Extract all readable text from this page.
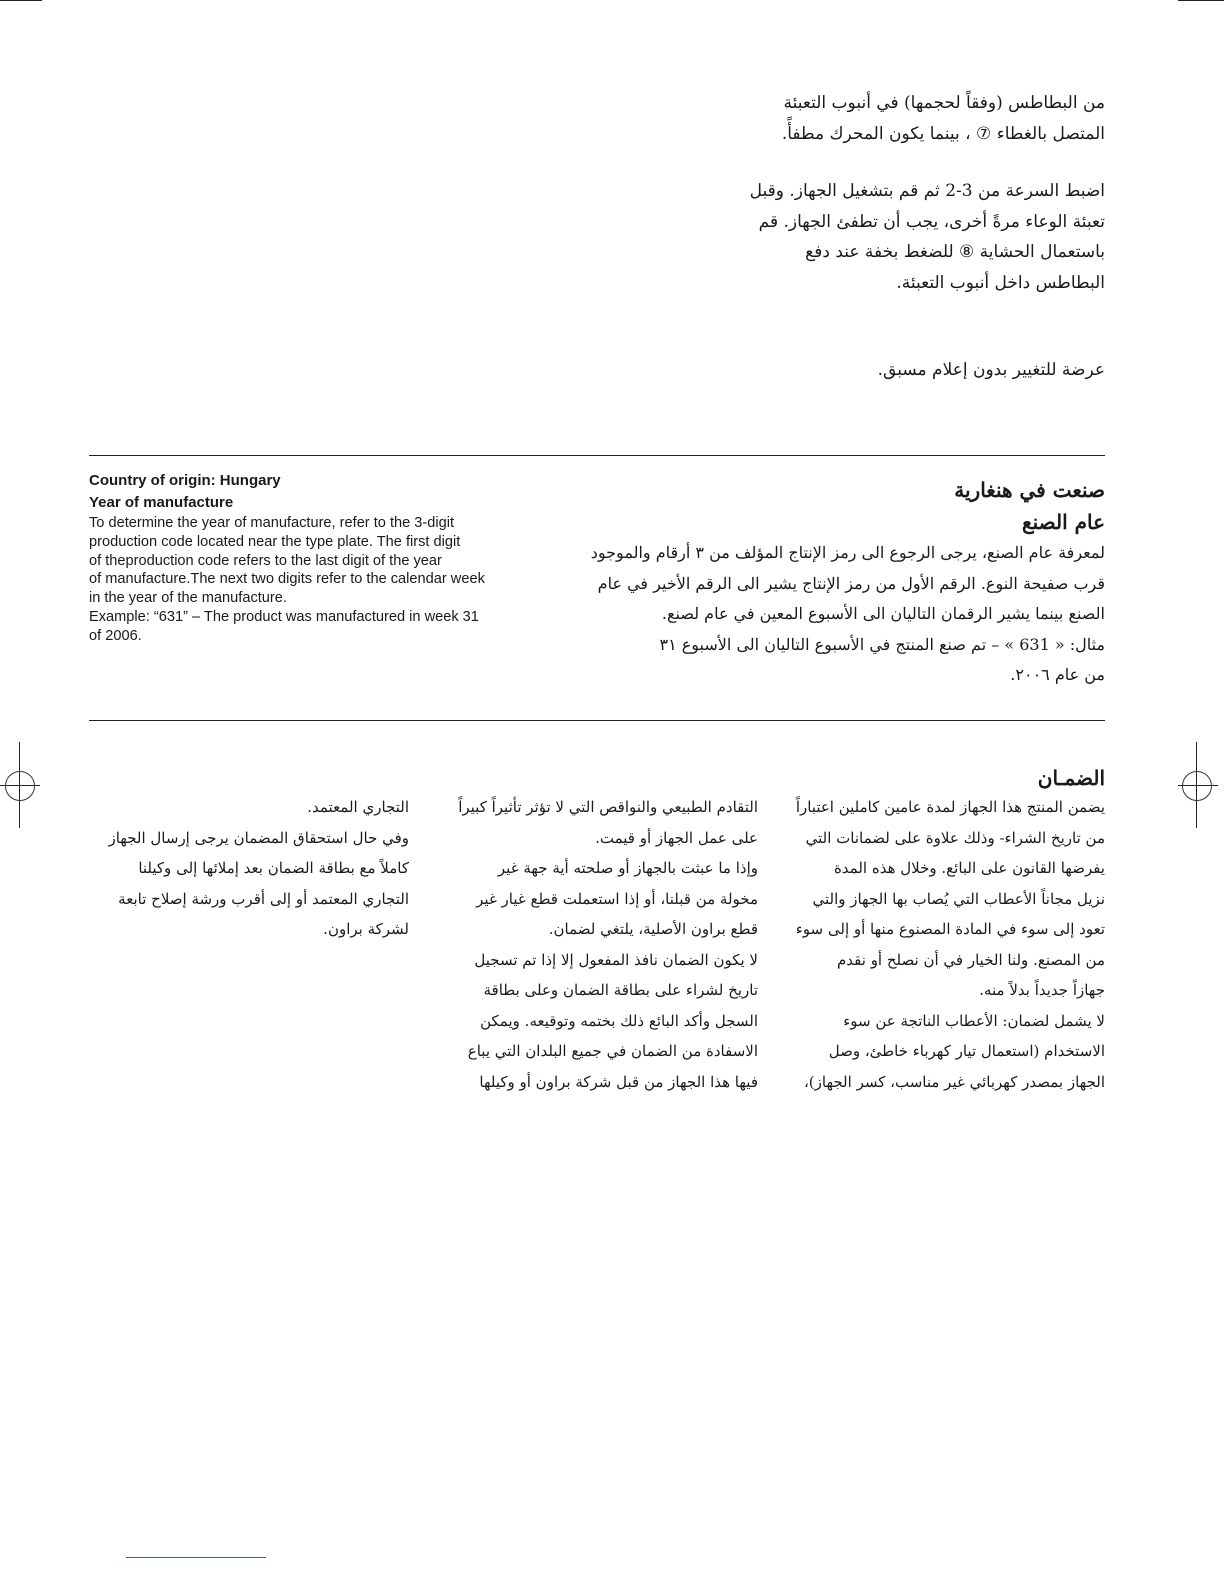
من البطاطس (وفقاً لحجمها) في أنبوب التعبئة
المتصل بالغطاء ⑦ ، بينما يكون المحرك مطفأً.
اضبط السرعة من 3-2 ثم قم بتشغيل الجهاز. وقبل
تعبئة الوعاء مرةً أخرى، يجب أن تطفئ الجهاز. قم
باستعمال الحشاية ⑧ للضغط بخفة عند دفع
البطاطس داخل أنبوب التعبئة.
عرضة للتغيير بدون إعلام مسبق.
Country of origin: Hungary
Year of manufacture
To determine the year of manufacture, refer to the 3-digit
production code located near the type plate. The first digit
of theproduction code refers to the last digit of the year
of manufacture.The next two digits refer to the calendar week
in the year of the manufacture.
Example: “631” – The product was manufactured in week 31
of 2006.
صنعت في هنغارية
عام الصنع
لمعرفة عام الصنع، يرجى الرجوع الى رمز الإنتاج المؤلف من ٣ أرقام والموجود
قرب صفيحة النوع. الرقم الأول من رمز الإنتاج يشير الى الرقم الأخير في عام
الصنع بينما يشير الرقمان التاليان الى الأسبوع المعين في عام لصنع.
مثال: « 631 » – تم صنع المنتج في الأسبوع التاليان الى الأسبوع ٣١
من عام ٢٠٠٦.
الضمـان
يضمن المنتج هذا الجهاز لمدة عامين كاملين اعتباراً
من تاريخ الشراء- وذلك علاوة على لضمانات التي
يفرضها القانون على البائع. وخلال هذه المدة
نزيل مجاناً الأعطاب التي يُصاب بها الجهاز والتي
تعود إلى سوء في المادة المصنوع منها أو إلى سوء
من المصنع. ولنا الخيار في أن نصلح أو نقدم
جهازاً جديداً بدلاً منه.
لا يشمل لضمان: الأعطاب الناتجة عن سوء
الاستخدام (استعمال تيار كهرباء خاطئ، وصل
الجهاز بمصدر كهربائي غير مناسب، كسر الجهاز)،
التقادم الطبيعي والنواقص التي لا تؤثر تأثيراً كبيراً
على عمل الجهاز أو قيمت.
وإذا ما عبثت بالجهاز أو صلحته أية جهة غير
مخولة من قبلنا، أو إذا استعملت قطع غيار غير
قطع براون الأصلية، يلتغي لضمان.
لا يكون الضمان نافذ المفعول إلا إذا تم تسجيل
تاريخ لشراء على بطاقة الضمان وعلى بطاقة
السجل وأكد البائع ذلك بختمه وتوقيعه. ويمكن
الاسفادة من الضمان في جميع البلدان التي يباع
فيها هذا الجهاز من قبل شركة براون أو وكيلها
التجاري المعتمد.
وفي حال استحقاق المضمان يرجى إرسال الجهاز
كاملاً مع بطاقة الضمان بعد إملائها إلى وكيلنا
التجاري المعتمد أو إلى أقرب ورشة إصلاح تابعة
لشركة براون.
